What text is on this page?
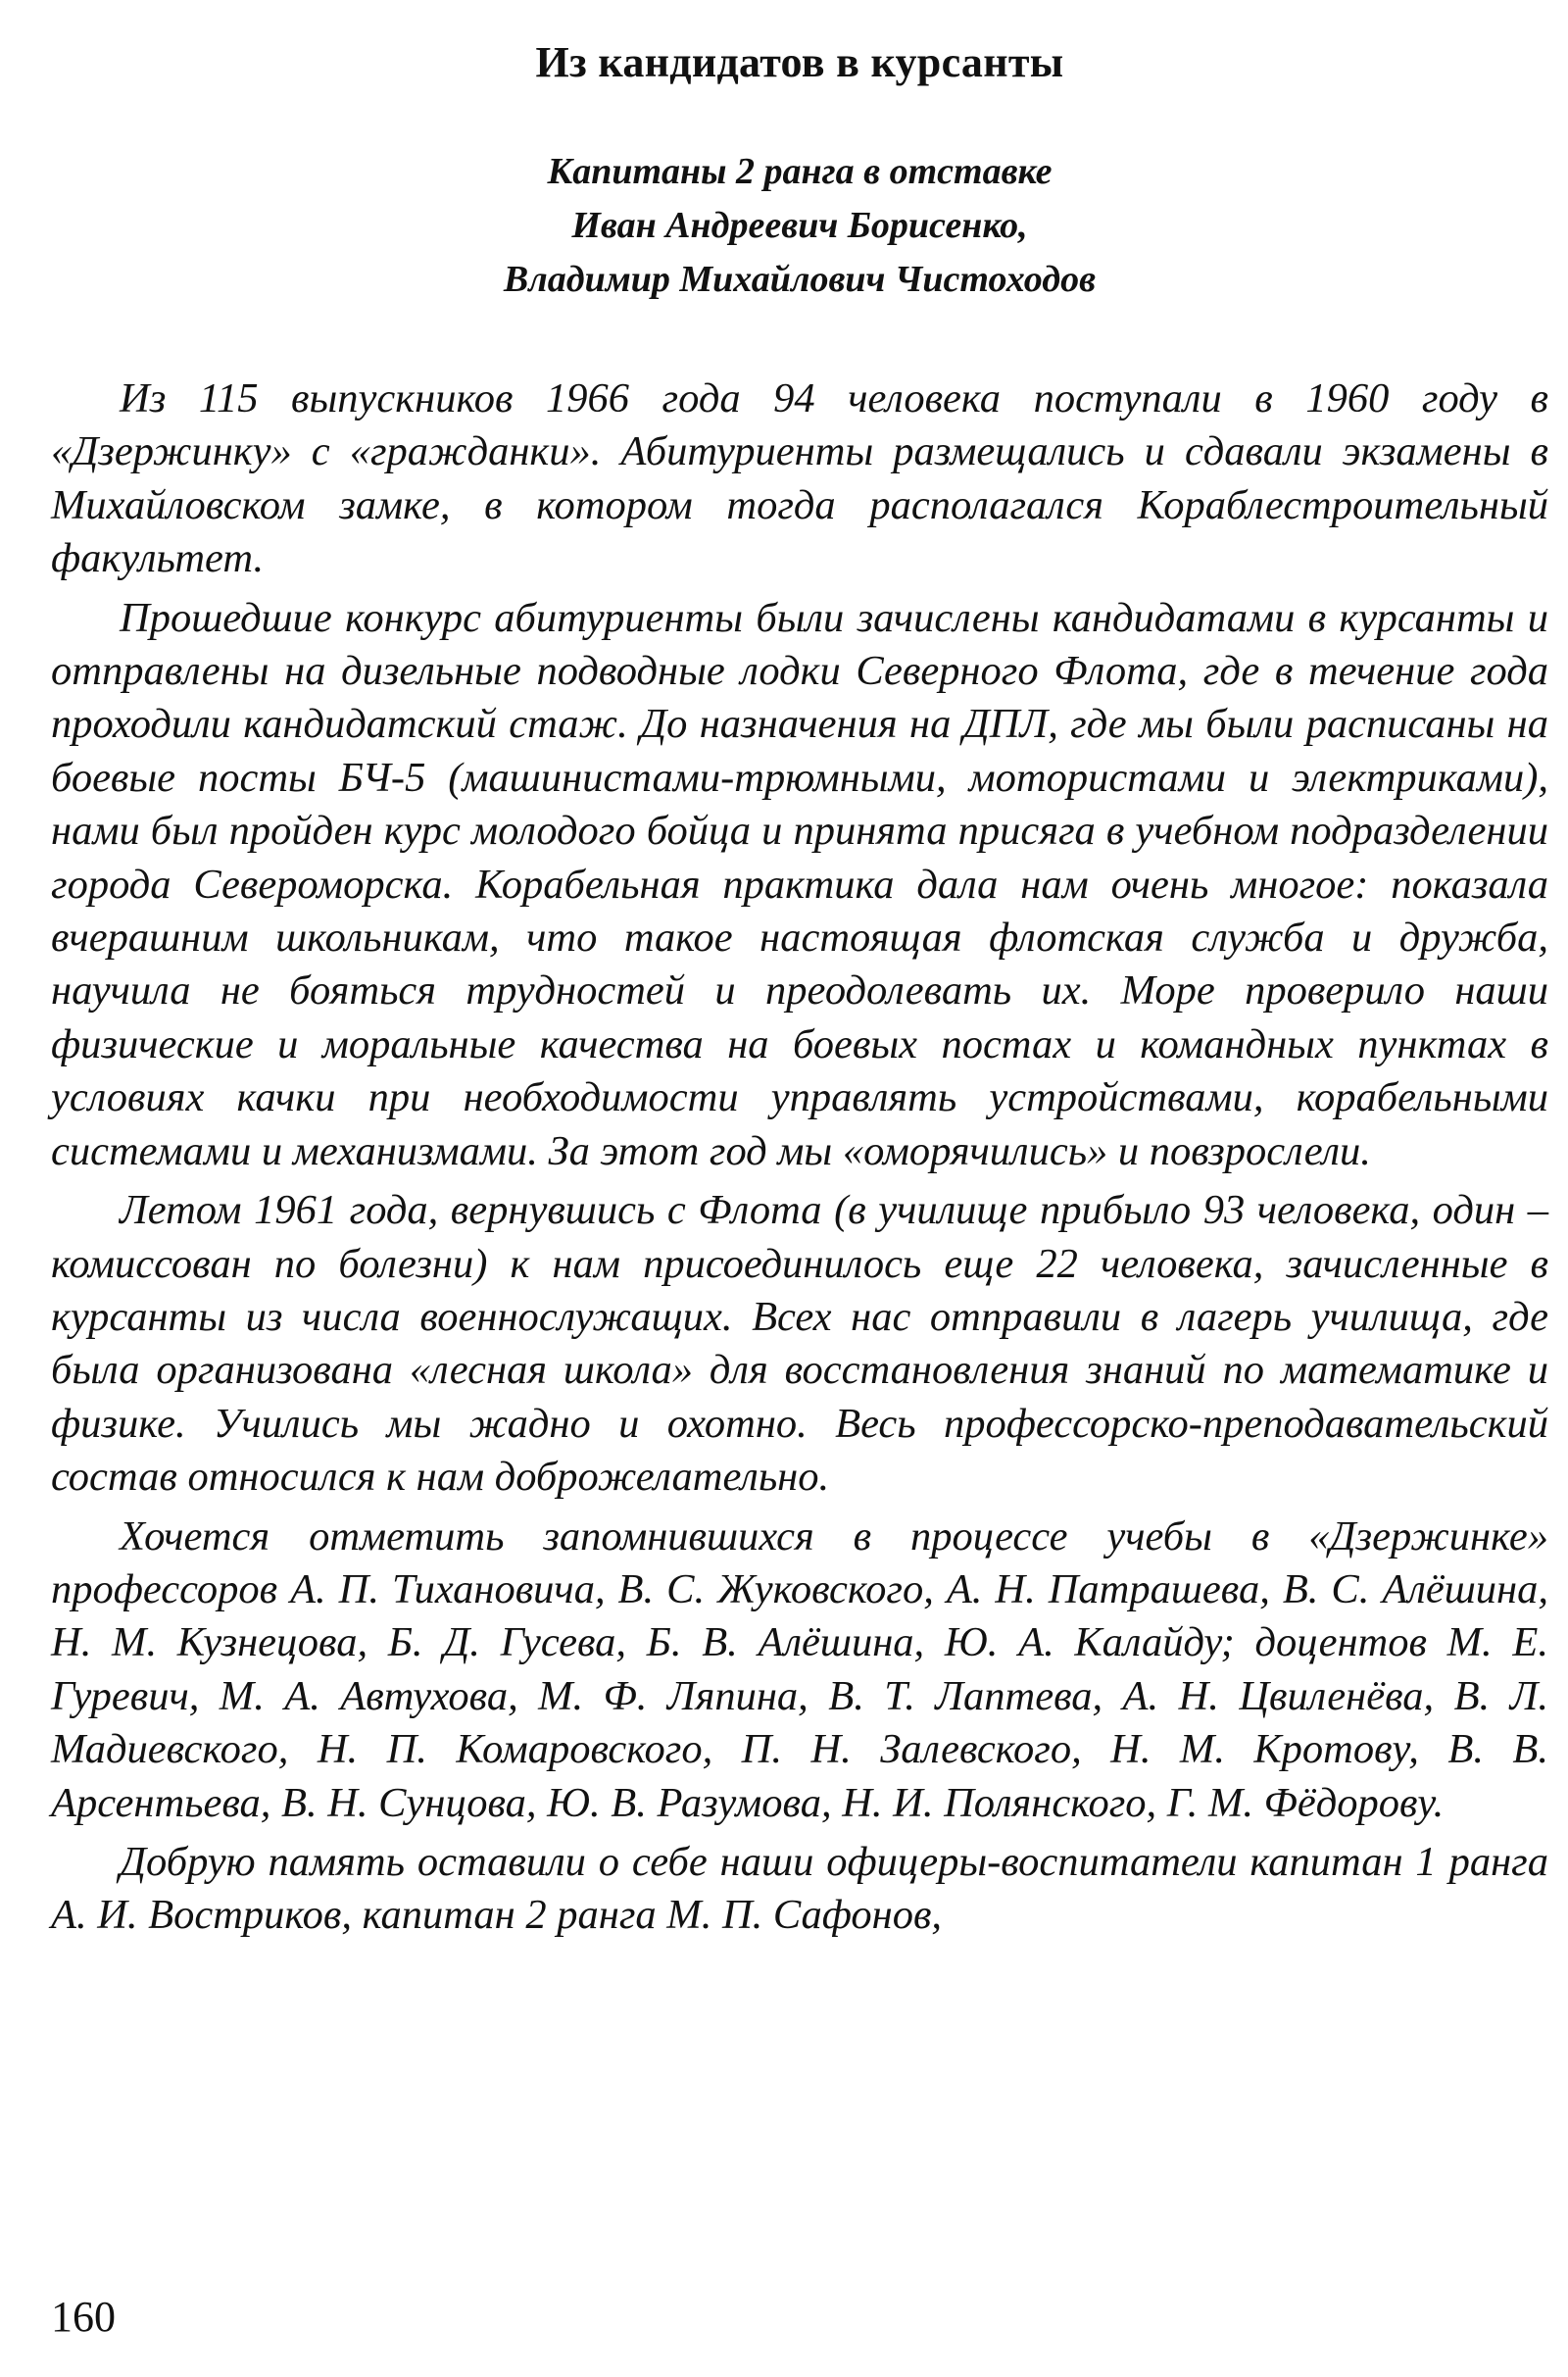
Из кандидатов в курсанты
Капитаны 2 ранга в отставке
Иван Андреевич Борисенко,
Владимир Михайлович Чистоходов

Из 115 выпускников 1966 года 94 человека поступали в 1960 году в «Дзержинку» с «гражданки». Абитуриенты размещались и сдавали экзамены в Михайловском замке, в котором тогда располагался Кораблестроительный факультет.

Прошедшие конкурс абитуриенты были зачислены кандидатами в курсанты и отправлены на дизельные подводные лодки Северного Флота, где в течение года проходили кандидатский стаж. До назначения на ДПЛ, где мы были расписаны на боевые посты БЧ-5 (машинистами-трюмными, мотористами и электриками), нами был пройден курс молодого бойца и принята присяга в учебном подразделении города Североморска. Корабельная практика дала нам очень многое: показала вчерашним школьникам, что такое настоящая флотская служба и дружба, научила не бояться трудностей и преодолевать их. Море проверило наши физические и моральные качества на боевых постах и командных пунктах в условиях качки при необходимости управлять устройствами, корабельными системами и механизмами. За этот год мы «оморячились» и повзрослели.

Летом 1961 года, вернувшись с Флота (в училище прибыло 93 человека, один – комиссован по болезни) к нам присоединилось еще 22 человека, зачисленные в курсанты из числа военнослужащих. Всех нас отправили в лагерь училища, где была организована «лесная школа» для восстановления знаний по математике и физике. Учились мы жадно и охотно. Весь профессорско-преподавательский состав относился к нам доброжелательно.

Хочется отметить запомнившихся в процессе учебы в «Дзержинке» профессоров А. П. Тихановича, В. С. Жуковского, А. Н. Патрашева, В. С. Алёшина, Н. М. Кузнецова, Б. Д. Гусева, Б. В. Алёшина, Ю. А. Калайду; доцентов М. Е. Гуревич, М. А. Автухова, М. Ф. Ляпина, В. Т. Лаптева, А. Н. Цвиленёва, В. Л. Мадиевского, Н. П. Комаровского, П. Н. Залевского, Н. М. Кротову, В. В. Арсентьева, В. Н. Сунцова, Ю. В. Разумова, Н. И. Полянского, Г. М. Фёдорову.

Добрую память оставили о себе наши офицеры-воспитатели капитан 1 ранга А. И. Востриков, капитан 2 ранга М. П. Сафонов,

160
